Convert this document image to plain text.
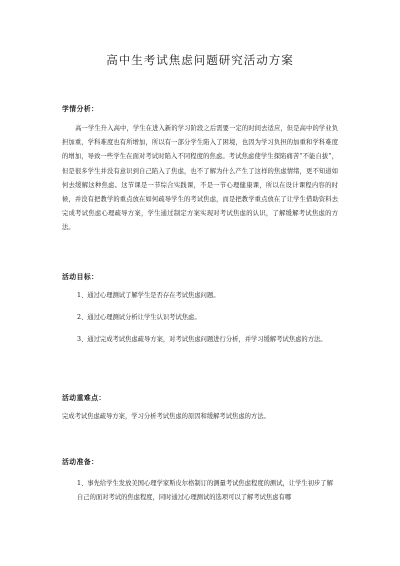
高中生考试焦虑问题研究活动方案
学情分析：

高一学生升入高中，学生在进入新的学习阶段之后需要一定的时间去适应，但是高中的学业负担加重，学科难度也有所增加，所以有一部分学生陷入了困境，也因为学习负担的加重和学科难度的增加，导致一些学生在面对考试时陷入不同程度的焦虑。考试焦虑使学生探陷痛苦“不能自拔”，但是很多学生并没有意识到自己陷入了焦虑，也不了解为什么产生了这样的焦虑情绪，更不知道如何去缓解这种焦虑。这节课是一节综合实践课，不是一节心理健康课，所以在设计课程内容的时候，并没有把教学的重点放在如何疏导学生的考试焦虑，而是把教学重点放在了让学生借助资料去完成考试焦虑心理疏导方案，学生通过制定方案实现对考试焦虑的认识，了解缓解考试焦虑的方法。

活动目标：

1、通过心理测试了解学生是否存在考试焦虑问题。

2、通过心理测试分析让学生认识考试焦虑。

3、通过完成考试焦虑疏导方案，对考试焦虑问题进行分析，并学习缓解考试焦虑的方法。

活动重难点：

完成考试焦虑疏导方案，学习分析考试焦虑的原因和缓解考试焦虑的方法。

活动准备：

1、事先给学生发放美国心理学家斯皮尔格制订的测量考试焦虑程度的测试，让学生初步了解自己的面对考试的焦虑程度，同时通过心理测试的选项可以了解考试焦虑有哪
